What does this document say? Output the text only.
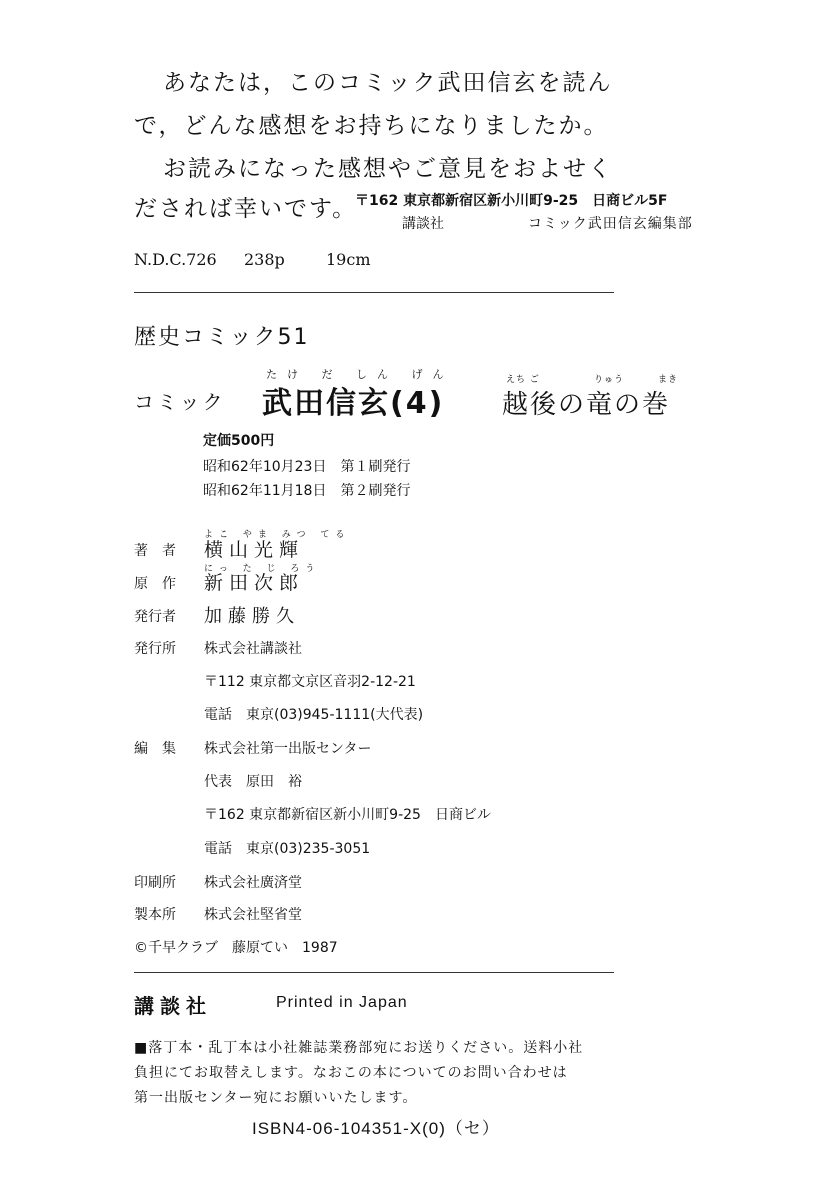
あなたは，このコミック武田信玄を読ん
で，どんな感想をお持ちになりましたか。
お読みになった感想やご意見をおよせく
だされば幸いです。
〒162 東京都新宿区新小川町9-25　日商ビル5F
講談社	コミック武田信玄編集部
N.D.C.726 238p	19cm
歴史コミック51
たけ だ しん げん
コミック 武田信玄(4)
えち ご	りゅう	まき
越後の竜の巻
定価500円
昭和62年10月23日　第１刷発行
昭和62年11月18日　第２刷発行
よこ やま みつ てる
著　者 横山光輝
にっ た じ ろう
原　作 新田次郎
発行者 加藤勝久
発行所 株式会社講談社
〒112 東京都文京区音羽2-12-21
電話　東京(03)945-1111(大代表)
編　集 株式会社第一出版センター
代表　原田　裕
〒162 東京都新宿区新小川町9-25　日商ビル
電話　東京(03)235-3051
印刷所 株式会社廣済堂
製本所 株式会社堅省堂
©千早クラブ　藤原てい　1987
講談社	Printed in Japan
■落丁本・乱丁本は小社雑誌業務部宛にお送りください。送料小社
負担にてお取替えします。なおこの本についてのお問い合わせは
第一出版センター宛にお願いいたします。
ISBN4-06-104351-X(0)（セ）
